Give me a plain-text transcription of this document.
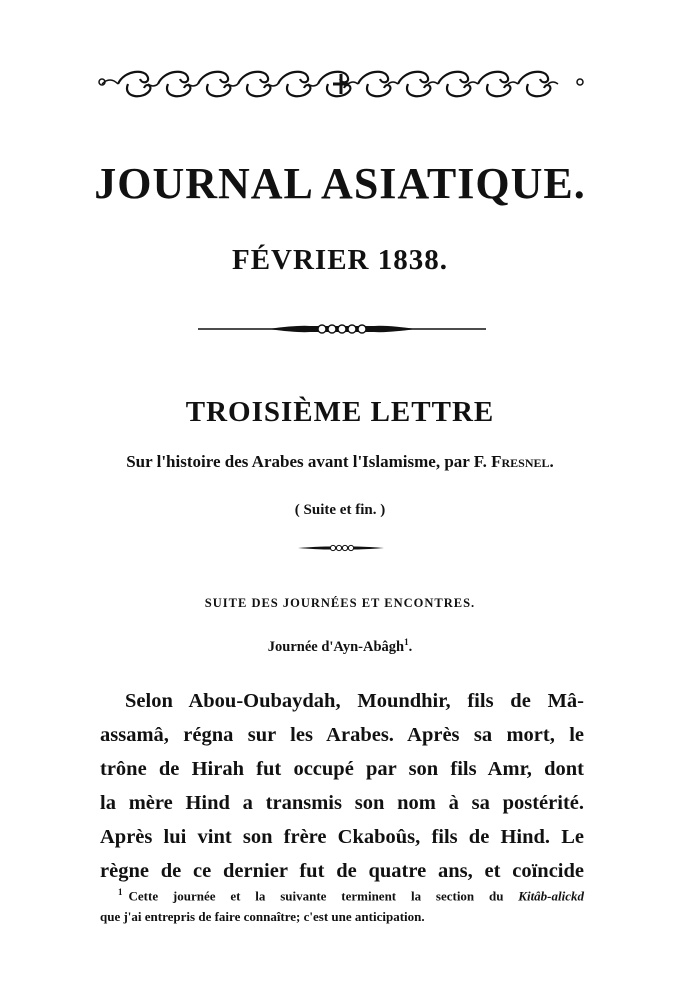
JOURNAL ASIATIQUE.
FÉVRIER 1838.
TROISIÈME LETTRE
Sur l'histoire des Arabes avant l'Islamisme, par F. Fresnel.
( Suite et fin. )
SUITE DES JOURNÉES ET ENCONTRES.
Journée d'Ayn-Abâgh$^1$.

Selon Abou-Oubaydah, Moundhir, fils de Mâ-
assamâ, régna sur les Arabes. Après sa mort, le
trône de Hirah fut occupé par son fils Amr, dont
la mère Hind a transmis son nom à sa postérité.
Après lui vint son frère Ckaboûs, fils de Hind. Le
règne de ce dernier fut de quatre ans, et coïncide

$^1$ Cette journée et la suivante terminent la section du Kitâb-alickd
que j'ai entrepris de faire connaître; c'est une anticipation.
